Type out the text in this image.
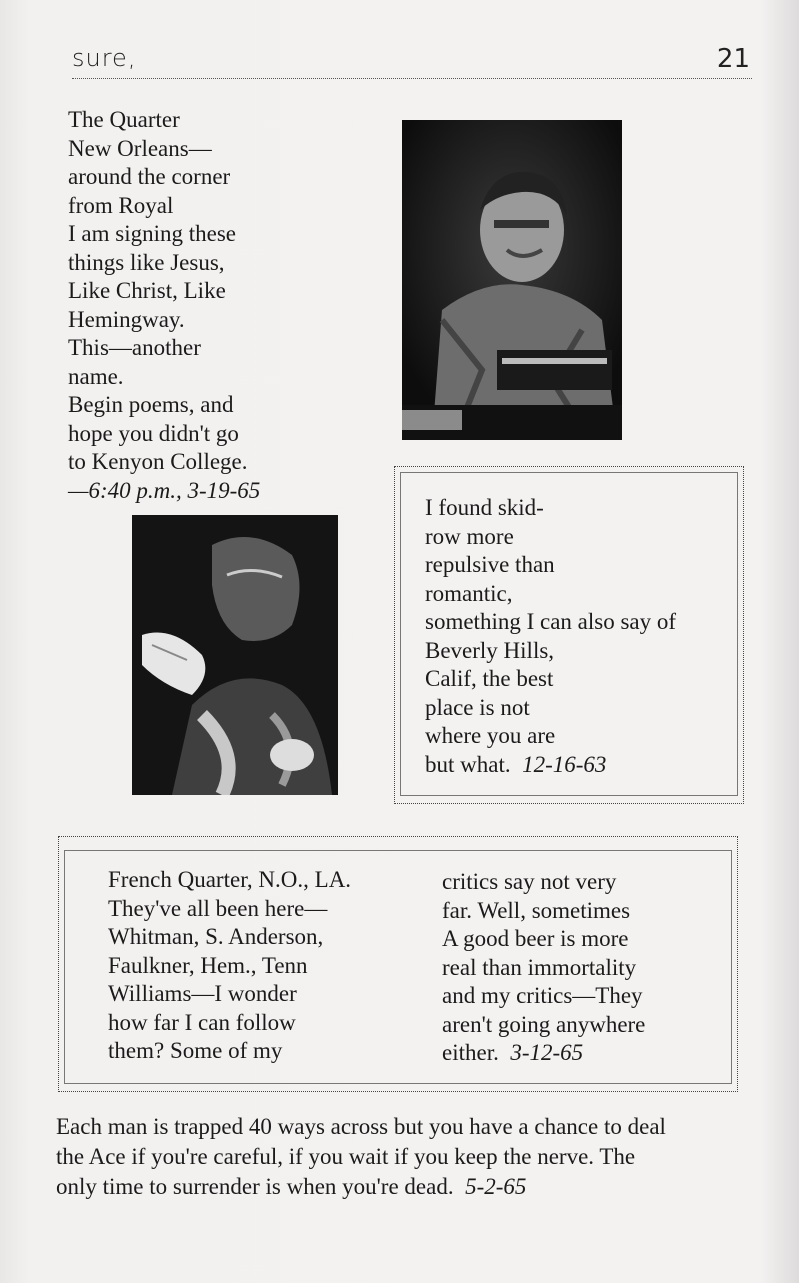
sure,	21
The Quarter
New Orleans—
around the corner
from Royal
I am signing these
things like Jesus,
Like Christ, Like
Hemingway.
This—another
name.
Begin poems, and
hope you didn't go
to Kenyon College.
—6:40 p.m., 3-19-65
I found skid-
row more
repulsive than
romantic,
something I can also say of
Beverly Hills,
Calif, the best
place is not
where you are
but what. 12-16-63
French Quarter, N.O., LA.
They've all been here—
Whitman, S. Anderson,
Faulkner, Hem., Tenn
Williams—I wonder
how far I can follow
them? Some of my
critics say not very
far. Well, sometimes
A good beer is more
real than immortality
and my critics—They
aren't going anywhere
either. 3-12-65
Each man is trapped 40 ways across but you have a chance to deal
the Ace if you're careful, if you wait if you keep the nerve. The
only time to surrender is when you're dead. 5-2-65
